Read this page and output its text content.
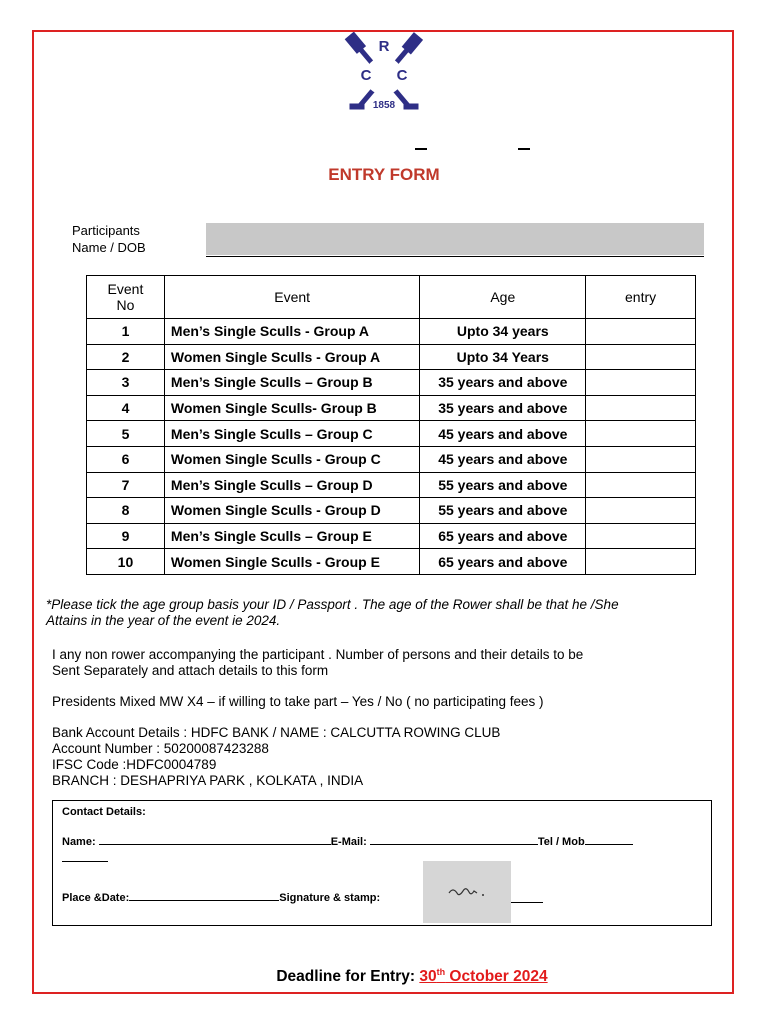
R
C C
1858
ENTRY FORM
Participants
Name / DOB
Event
No	Event	Age	entry
1	Men’s Single Sculls - Group A	Upto 34 years	
2	Women Single Sculls - Group A	Upto 34 Years	
3	Men’s Single Sculls – Group B	35 years and above	
4	Women Single Sculls- Group B	35 years and above	
5	Men’s Single Sculls – Group C	45 years and above	
6	Women Single Sculls - Group C	45 years and above	
7	Men’s Single Sculls – Group D	55 years and above	
8	Women Single Sculls - Group D	55 years and above	
9	Men’s Single Sculls – Group E	65 years and above	
10	Women Single Sculls - Group E	65 years and above	
*Please tick the age group basis your ID / Passport . The age of the Rower shall be that he /She
Attains in the year of the event ie 2024.
I any non rower accompanying the participant . Number of persons and their details to be
Sent Separately and attach details to this form
Presidents Mixed MW X4 – if willing to take part – Yes / No ( no participating fees )
Bank Account Details : HDFC BANK / NAME : CALCUTTA ROWING CLUB
Account Number : 50200087423288
IFSC Code :HDFC0004789
BRANCH : DESHAPRIYA PARK , KOLKATA , INDIA
Contact Details:
Name:	E-Mail:	Tel / Mob
Place &Date:	Signature & stamp:
Deadline for Entry: 30th October 2024
